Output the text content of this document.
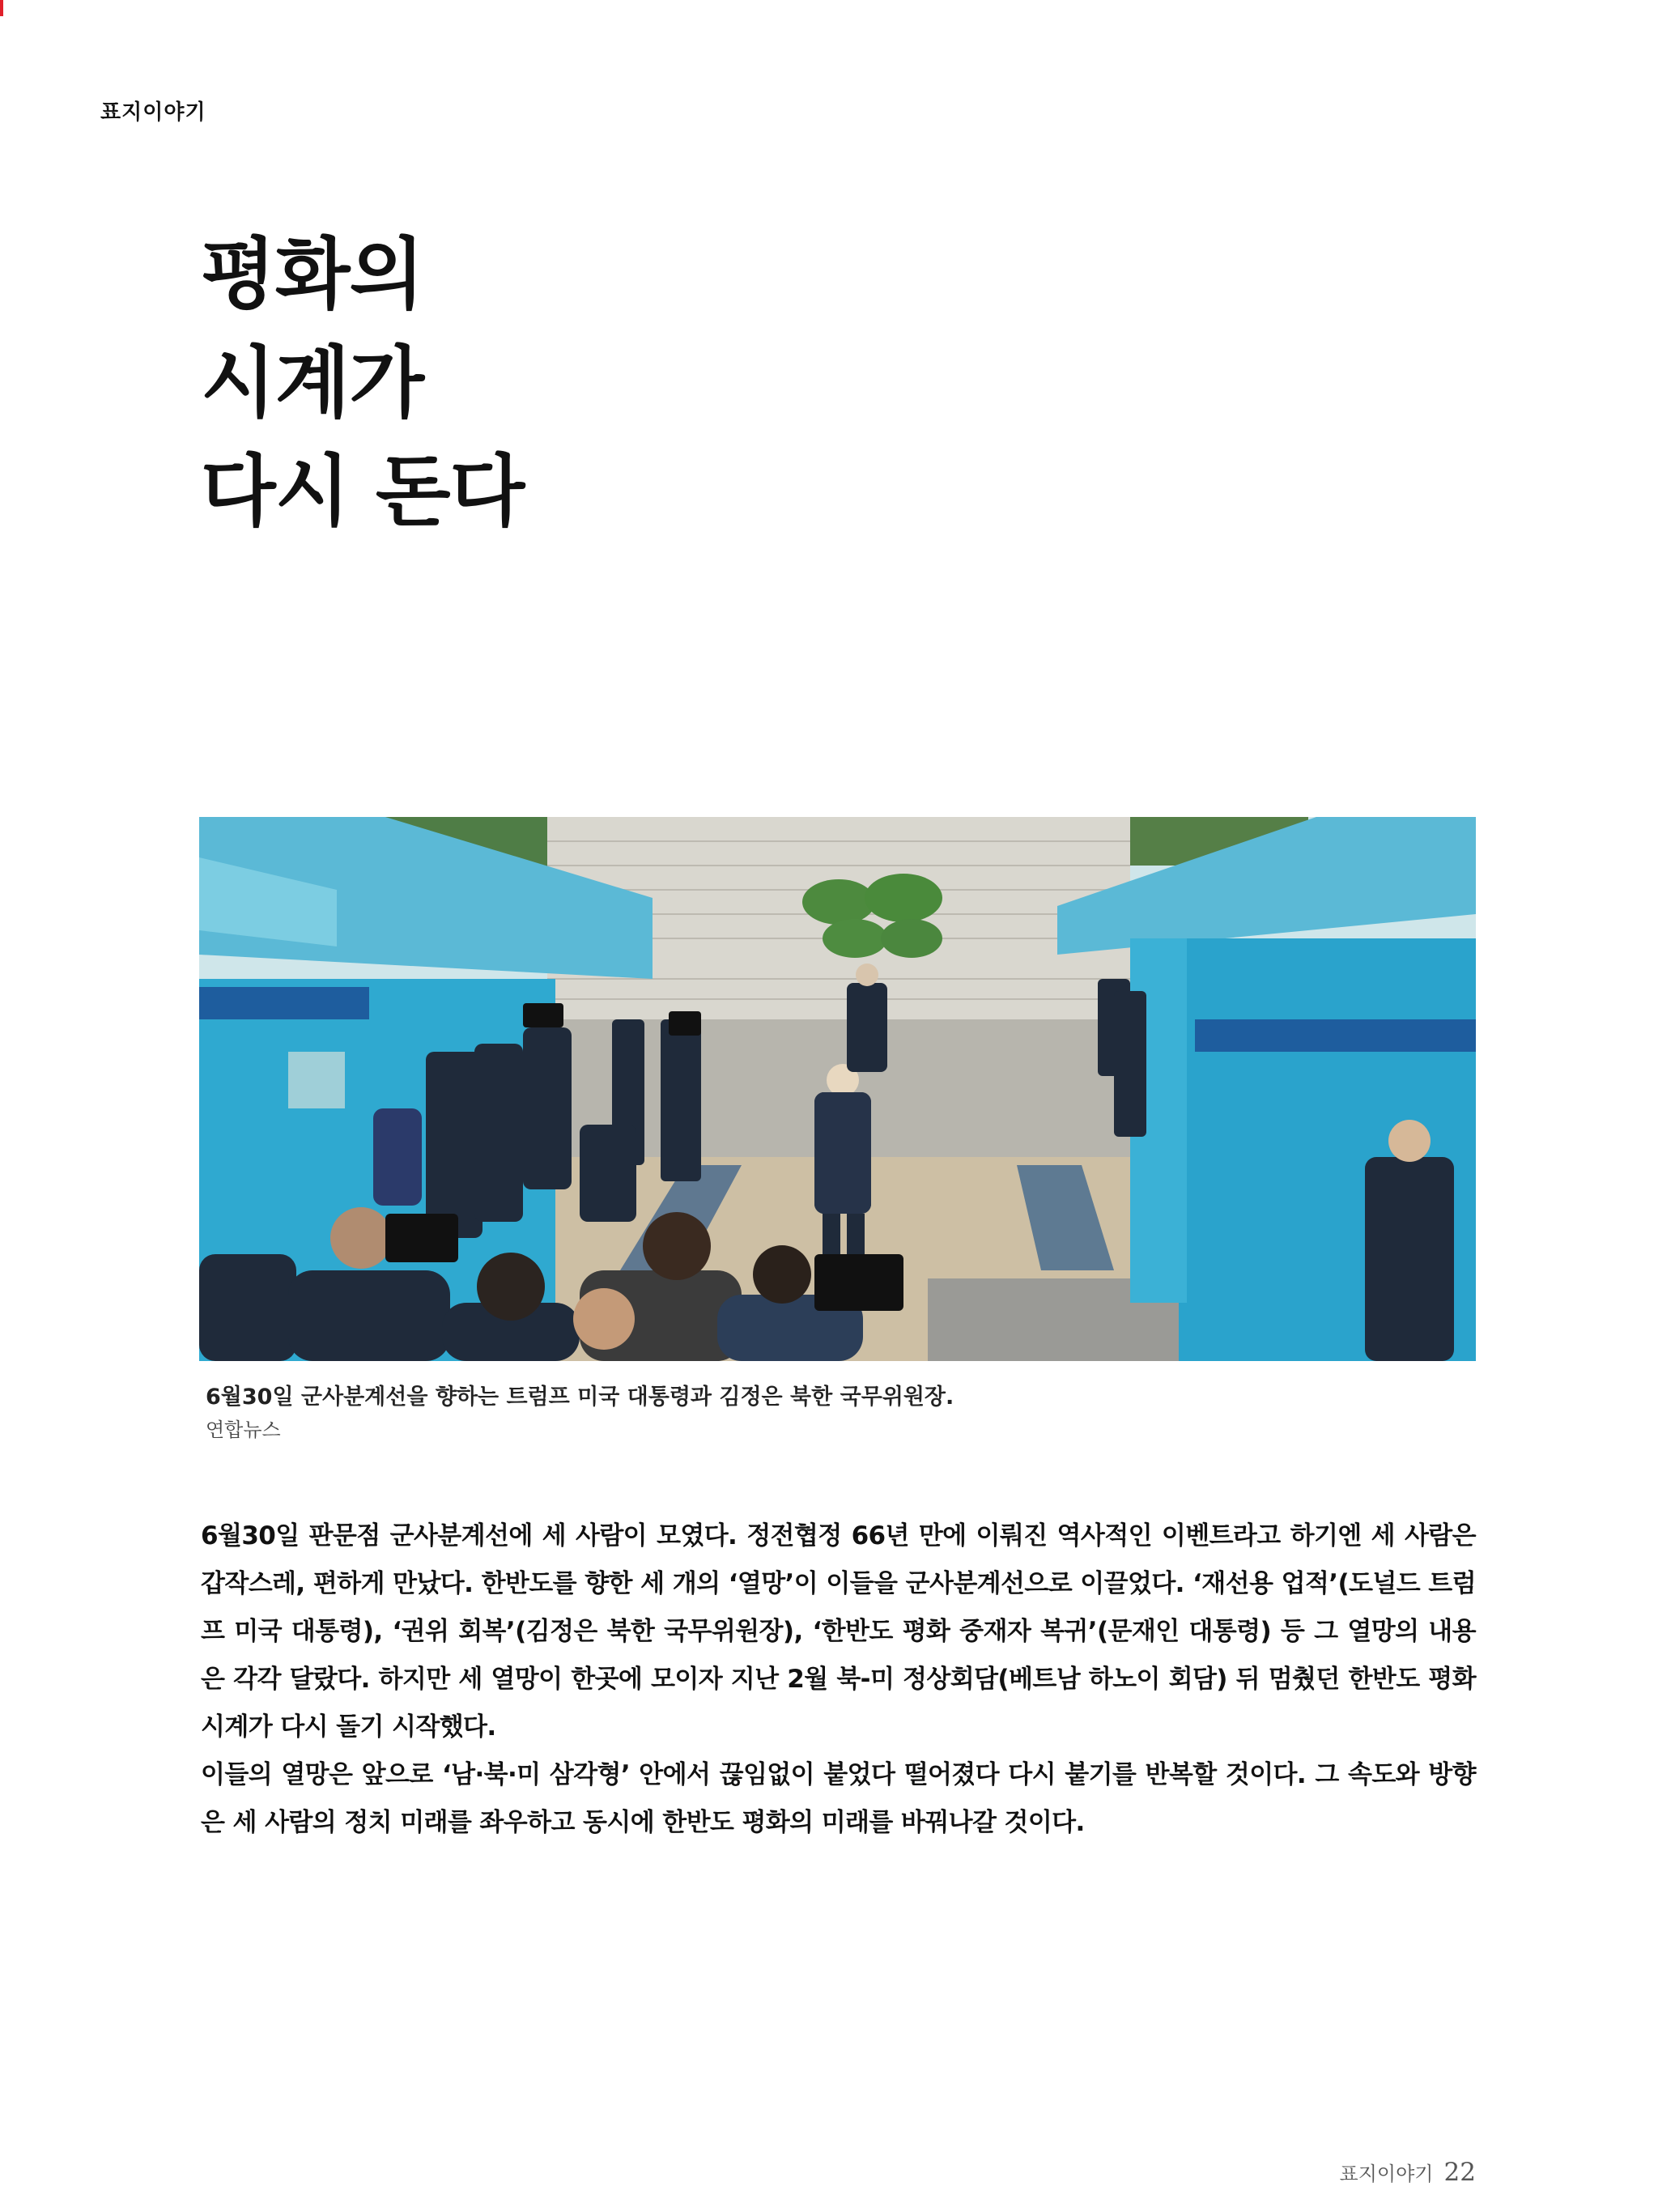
표지이야기
평화의
시계가
다시 돈다
6월30일 군사분계선을 향하는 트럼프 미국 대통령과 김정은 북한 국무위원장.
연합뉴스

6월30일 판문점 군사분계선에 세 사람이 모였다. 정전협정 66년 만에 이뤄진 역사적인 이벤트라고 하기엔 세 사람은 갑작스레, 편하게 만났다. 한반도를 향한 세 개의 ‘열망’이 이들을 군사분계선으로 이끌었다. ‘재선용 업적’(도널드 트럼프 미국 대통령), ‘권위 회복’(김정은 북한 국무위원장), ‘한반도 평화 중재자 복귀’(문재인 대통령) 등 그 열망의 내용은 각각 달랐다. 하지만 세 열망이 한곳에 모이자 지난 2월 북-미 정상회담(베트남 하노이 회담) 뒤 멈췄던 한반도 평화 시계가 다시 돌기 시작했다.

이들의 열망은 앞으로 ‘남·북·미 삼각형’ 안에서 끊임없이 붙었다 떨어졌다 다시 붙기를 반복할 것이다. 그 속도와 방향은 세 사람의 정치 미래를 좌우하고 동시에 한반도 평화의 미래를 바꿔나갈 것이다.

표지이야기 22
